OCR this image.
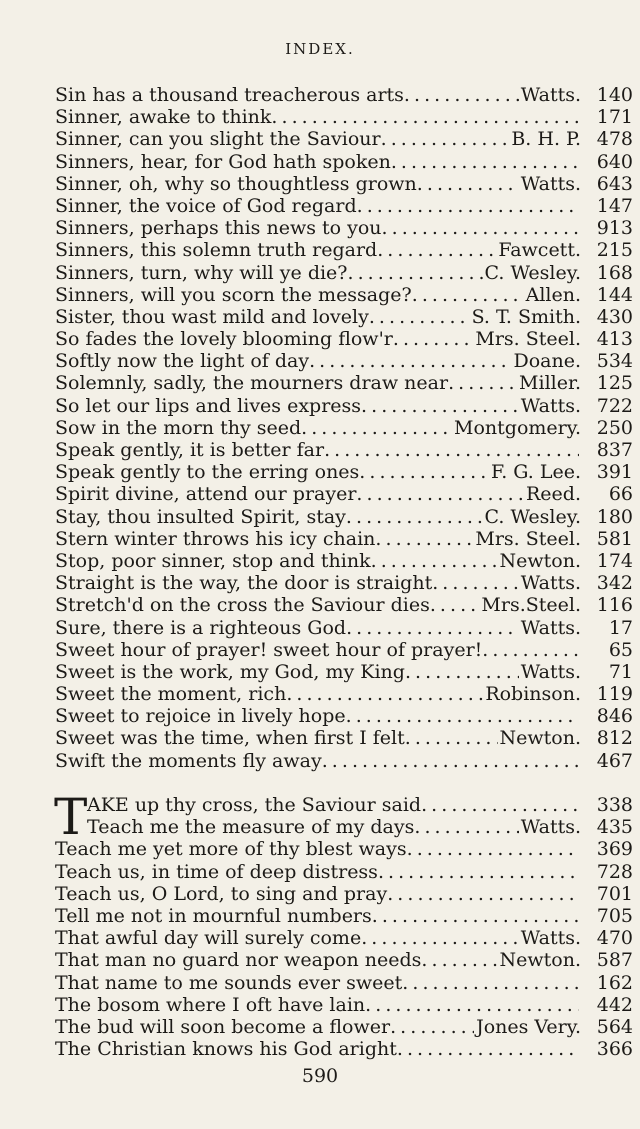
INDEX.
Sin has a thousand treacherous arts . . .	Watts. 140
Sinner, awake to think . . .	171
Sinner, can you slight the Saviour . . .	B. H. P. 478
Sinners, hear, for God hath spoken . . .	640
Sinner, oh, why so thoughtless grown . . .	Watts. 643
Sinner, the voice of God regard . . .	147
Sinners, perhaps this news to you . . .	913
Sinners, this solemn truth regard . . .	Fawcett. 215
Sinners, turn, why will ye die? . . .	C. Wesley. 168
Sinners, will you scorn the message? . . .	Allen. 144
Sister, thou wast mild and lovely . . .	S. T. Smith. 430
So fades the lovely blooming flow'r . . .	Mrs. Steel. 413
Softly now the light of day . . .	Doane. 534
Solemnly, sadly, the mourners draw near . . .	Miller. 125
So let our lips and lives express . . .	Watts. 722
Sow in the morn thy seed . . .	Montgomery. 250
Speak gently, it is better far . . .	837
Speak gently to the erring ones . . .	F. G. Lee. 391
Spirit divine, attend our prayer . . .	Reed.	66
Stay, thou insulted Spirit, stay . . .	C. Wesley. 180
Stern winter throws his icy chain . . .	Mrs. Steel. 581
Stop, poor sinner, stop and think . . .	Newton. 174
Straight is the way, the door is straight . . .	Watts. 342
Stretch'd on the cross the Saviour dies . . .	Mrs.Steel. 116
Sure, there is a righteous God . . .	Watts.	17
Sweet hour of prayer! sweet hour of prayer! . . .	65
Sweet is the work, my God, my King . . .	Watts.	71
Sweet the moment, rich . . .	Robinson. 119
Sweet to rejoice in lively hope . . .	846
Sweet was the time, when first I felt . . .	Newton. 812
Swift the moments fly away . . .	467
T AKE up thy cross, the Saviour said . . .	338
Teach me the measure of my days . . .	Watts. 435
Teach me yet more of thy blest ways . . .	369
Teach us, in time of deep distress . . .	728
Teach us, O Lord, to sing and pray . . .	701
Tell me not in mournful numbers . . .	705
That awful day will surely come . . .	Watts. 470
That man no guard nor weapon needs . . .	Newton. 587
That name to me sounds ever sweet . . .	162
The bosom where I oft have lain . . .	442
The bud will soon become a flower . . .	Jones Very. 564
The Christian knows his God aright . . .	366
590
